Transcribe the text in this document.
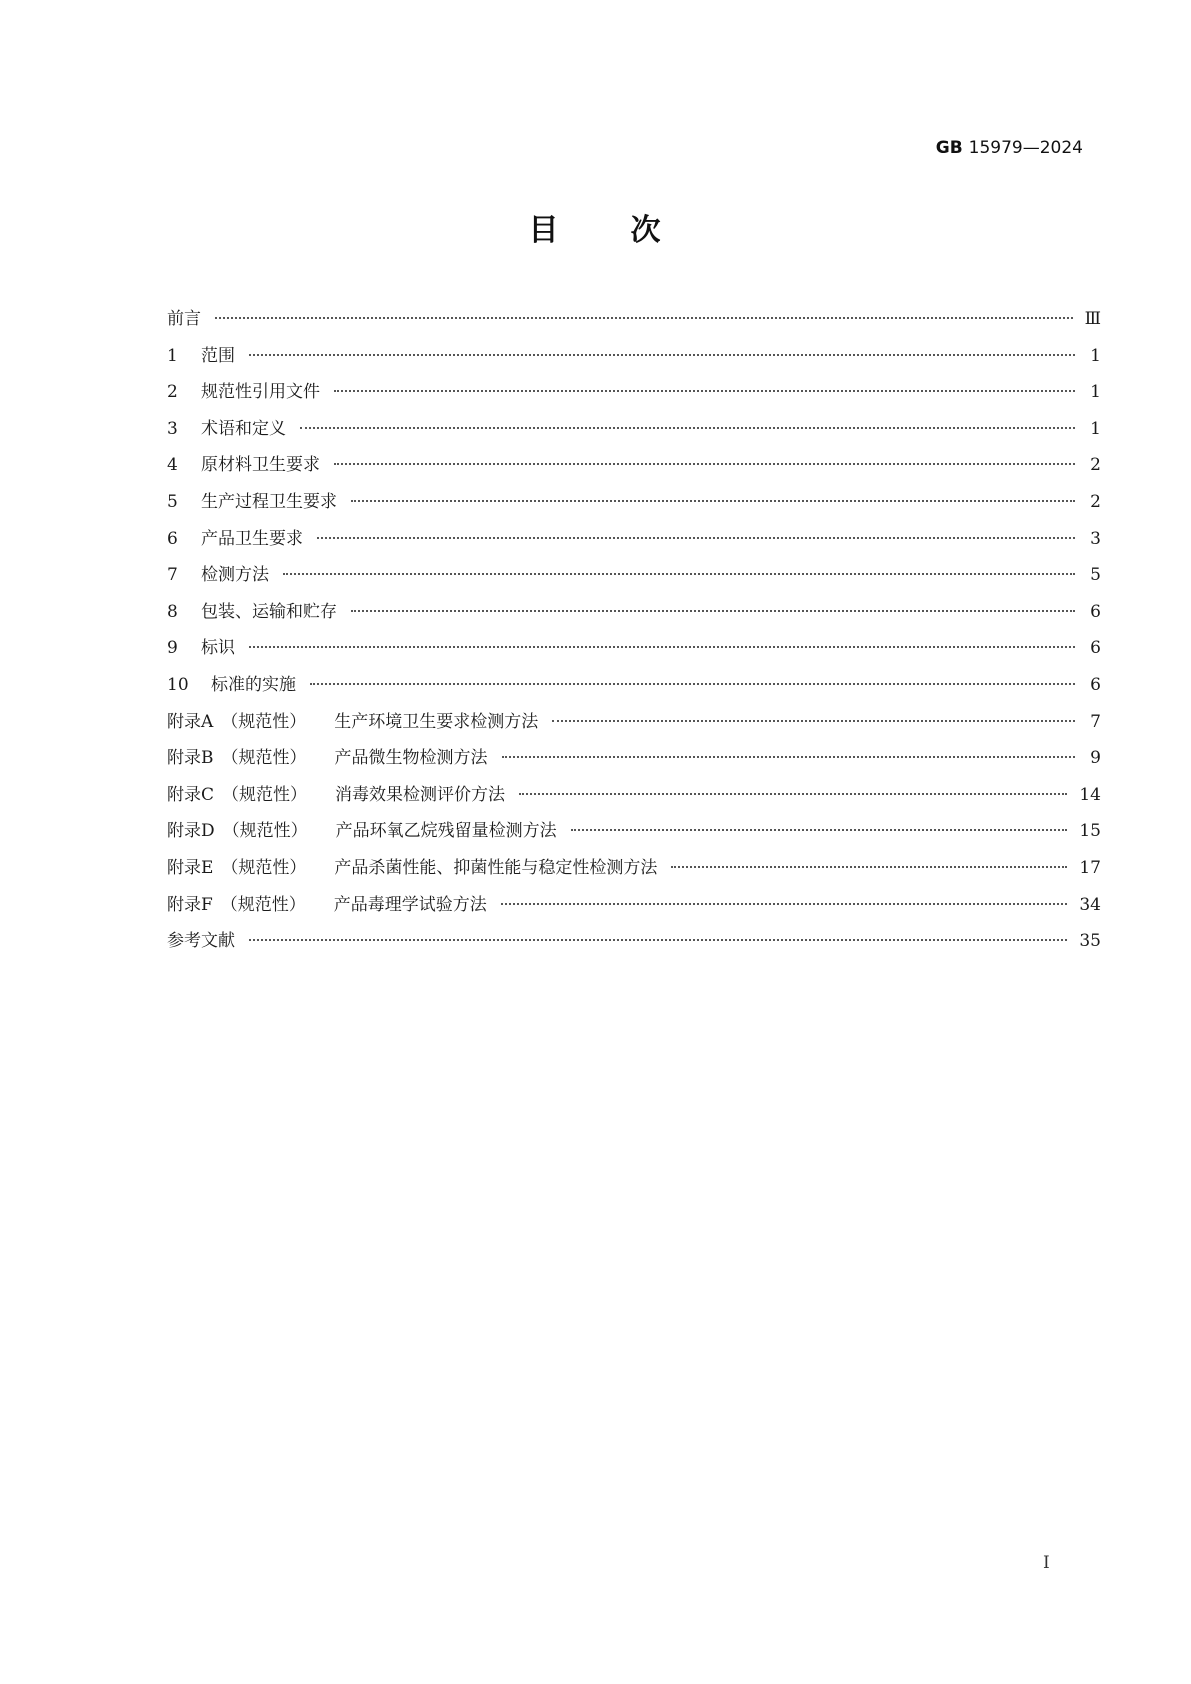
GB 15979—2024
目 次
前言	Ⅲ
1	范围	1
2	规范性引用文件	1
3	术语和定义	1
4	原材料卫生要求	2
5	生产过程卫生要求	2
6	产品卫生要求	3
7	检测方法	5
8	包装、运输和贮存	6
9	标识	6
10	标准的实施	6
附录A （规范性） 生产环境卫生要求检测方法	7
附录B （规范性） 产品微生物检测方法	9
附录C （规范性） 消毒效果检测评价方法	14
附录D （规范性） 产品环氧乙烷残留量检测方法	15
附录E （规范性） 产品杀菌性能、抑菌性能与稳定性检测方法	17
附录F （规范性） 产品毒理学试验方法	34
参考文献	35
I
